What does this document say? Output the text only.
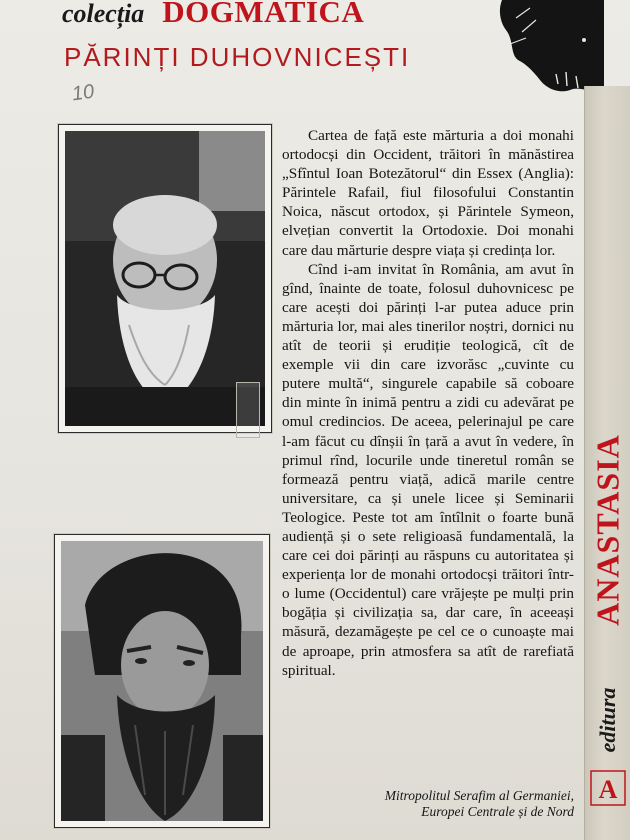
colecția DOGMATICA
PĂRINȚI DUHOVNICEȘTI
10

Cartea de față este mărturia a doi monahi ortodocși din Occident, trăitori în mănăstirea „Sfîntul Ioan Botezătorul“ din Essex (Anglia): Părintele Rafail, fiul filosofului Constantin Noica, născut ortodox, și Părintele Symeon, elvețian convertit la Ortodoxie. Doi monahi care dau mărturie despre viața și credința lor.

Cînd i-am invitat în România, am avut în gînd, înainte de toate, folosul duhovnicesc pe care acești doi părinți l-ar putea aduce prin mărturia lor, mai ales tinerilor noștri, dornici nu atît de teorii și erudiție teologică, cît de exemple vii din care izvorăsc „cuvinte cu putere multă“, singurele capabile să coboare din minte în inimă pentru a zidi cu adevărat pe omul credincios. De aceea, pelerinajul pe care l-am făcut cu dînșii în țară a avut în vedere, în primul rînd, locurile unde tineretul român se formează pentru viață, adică marile centre universitare, ca și unele licee și Seminarii Teologice. Peste tot am întîlnit o foarte bună audiență și o sete religioasă fundamentală, la care cei doi părinți au răspuns cu autoritatea și experiența lor de monahi ortodocși trăitori într-o lume (Occidentul) care vrăjește pe mulți prin bogăția și civilizația sa, dar care, în aceeași măsură, dezamăgește pe cel ce o cunoaște mai de aproape, prin atmosfera sa atît de rarefiată spiritual.

Mitropolitul Serafim al Germaniei,
Europei Centrale și de Nord
ANASTASIA
editura
A
